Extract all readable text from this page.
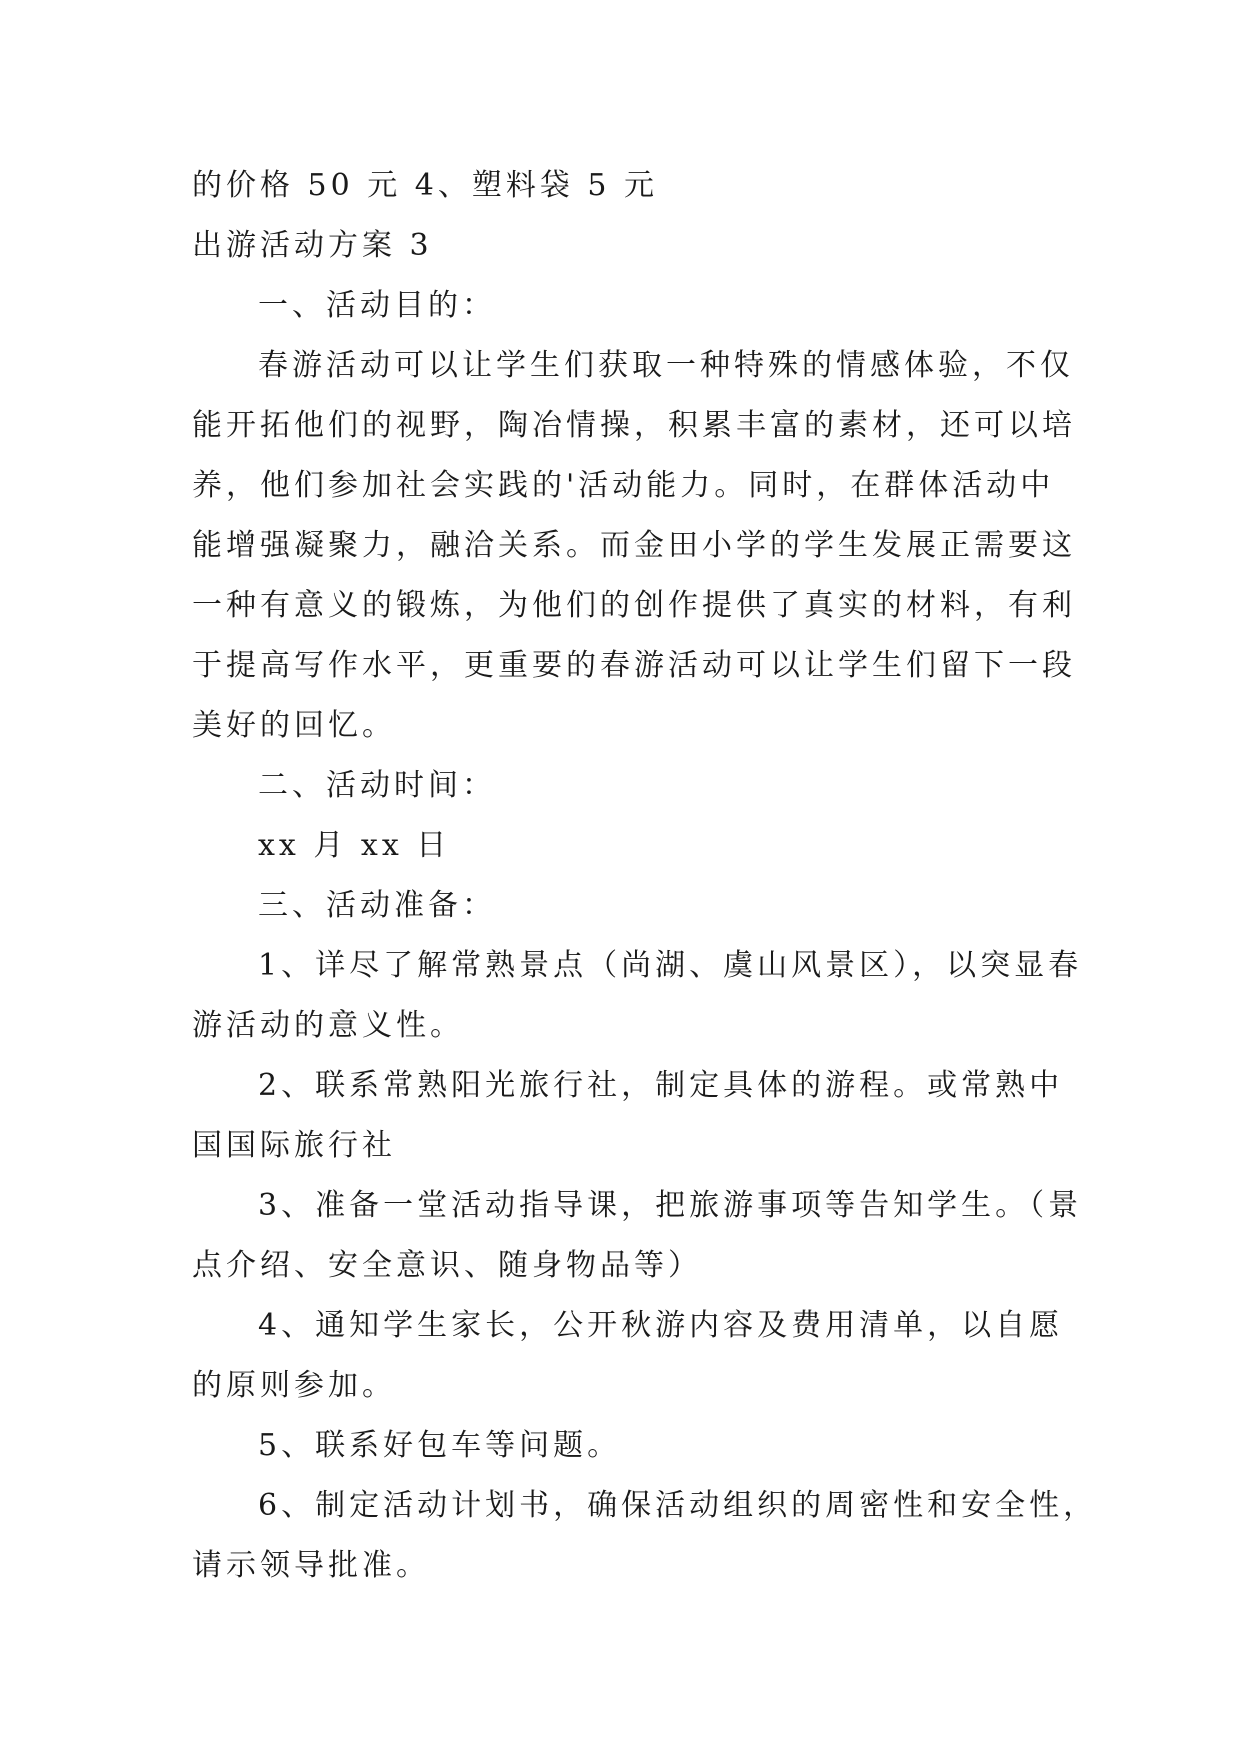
的价格 50 元 4、塑料袋 5 元
出游活动方案 3
一、活动目的：
春游活动可以让学生们获取一种特殊的情感体验，不仅
能开拓他们的视野，陶冶情操，积累丰富的素材，还可以培
养，他们参加社会实践的'活动能力。同时，在群体活动中
能增强凝聚力，融洽关系。而金田小学的学生发展正需要这
一种有意义的锻炼，为他们的创作提供了真实的材料，有利
于提高写作水平，更重要的春游活动可以让学生们留下一段
美好的回忆。
二、活动时间：
xx 月 xx 日
三、活动准备：
1、详尽了解常熟景点（尚湖、虞山风景区），以突显春
游活动的意义性。
2、联系常熟阳光旅行社，制定具体的游程。或常熟中
国国际旅行社
3、准备一堂活动指导课，把旅游事项等告知学生。（景
点介绍、安全意识、随身物品等）
4、通知学生家长，公开秋游内容及费用清单，以自愿
的原则参加。
5、联系好包车等问题。
6、制定活动计划书，确保活动组织的周密性和安全性，
请示领导批准。
